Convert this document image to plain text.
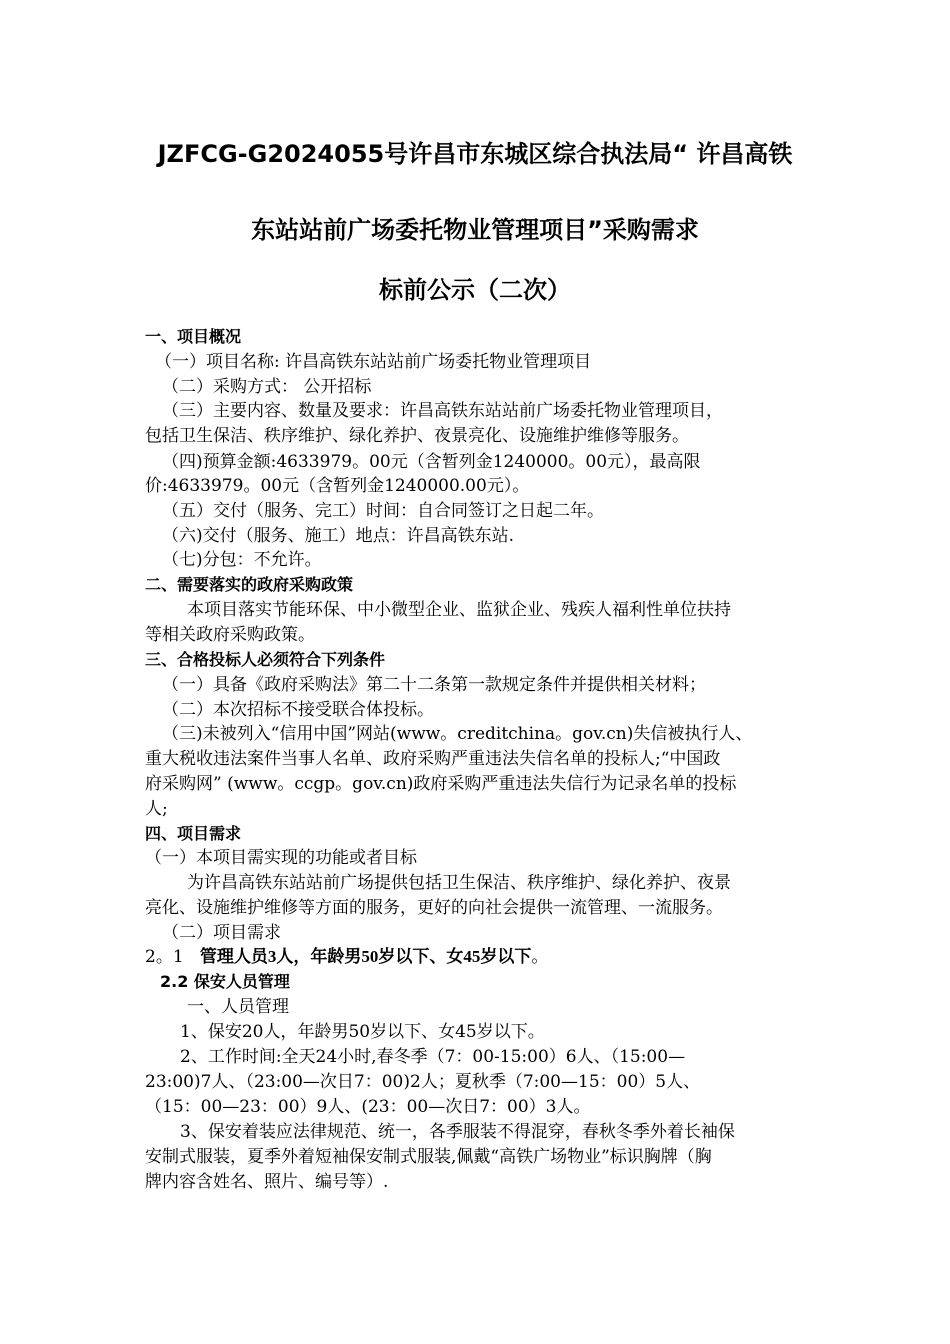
JZFCG-G2024055号许昌市东城区综合执法局“ 许昌高铁
东站站前广场委托物业管理项目”采购需求
标前公示（二次）
一、项目概况
（一）项目名称: 许昌高铁东站站前广场委托物业管理项目
（二）采购方式： 公开招标
（三）主要内容、数量及要求：许昌高铁东站站前广场委托物业管理项目，
包括卫生保洁、秩序维护、绿化养护、夜景亮化、设施维护维修等服务。
（四)预算金额:4633979。00元（含暂列金1240000。00元），最高限
价:4633979。00元（含暂列金1240000.00元）。
（五）交付（服务、完工）时间：自合同签订之日起二年。
（六)交付（服务、施工）地点：许昌高铁东站.
（七)分包：不允许。
二、需要落实的政府采购政策
本项目落实节能环保、中小微型企业、监狱企业、残疾人福利性单位扶持
等相关政府采购政策。
三、合格投标人必须符合下列条件
（一）具备《政府采购法》第二十二条第一款规定条件并提供相关材料；
（二）本次招标不接受联合体投标。
（三)未被列入“信用中国”网站(www。creditchina。gov.cn)失信被执行人、
重大税收违法案件当事人名单、政府采购严重违法失信名单的投标人;“中国政
府采购网” (www。ccgp。gov.cn)政府采购严重违法失信行为记录名单的投标
人;
四、项目需求
（一）本项目需实现的功能或者目标
为许昌高铁东站站前广场提供包括卫生保洁、秩序维护、绿化养护、夜景
亮化、设施维护维修等方面的服务，更好的向社会提供一流管理、一流服务。
（二）项目需求
2。1 管理人员3人，年龄男50岁以下、女45岁以下。
2.2 保安人员管理
一、人员管理
1、保安20人，年龄男50岁以下、女45岁以下。
2、工作时间:全天24小时,春冬季（7：00-15:00）6人、（15:00—
23:00)7人、（23:00—次日7：00)2人；夏秋季（7:00—15：00）5人、
（15：00—23：00）9人、(23：00—次日7：00）3人。
3、保安着装应法律规范、统一，各季服装不得混穿，春秋冬季外着长袖保
安制式服装，夏季外着短袖保安制式服装,佩戴“高铁广场物业”标识胸牌（胸
牌内容含姓名、照片、编号等）.
